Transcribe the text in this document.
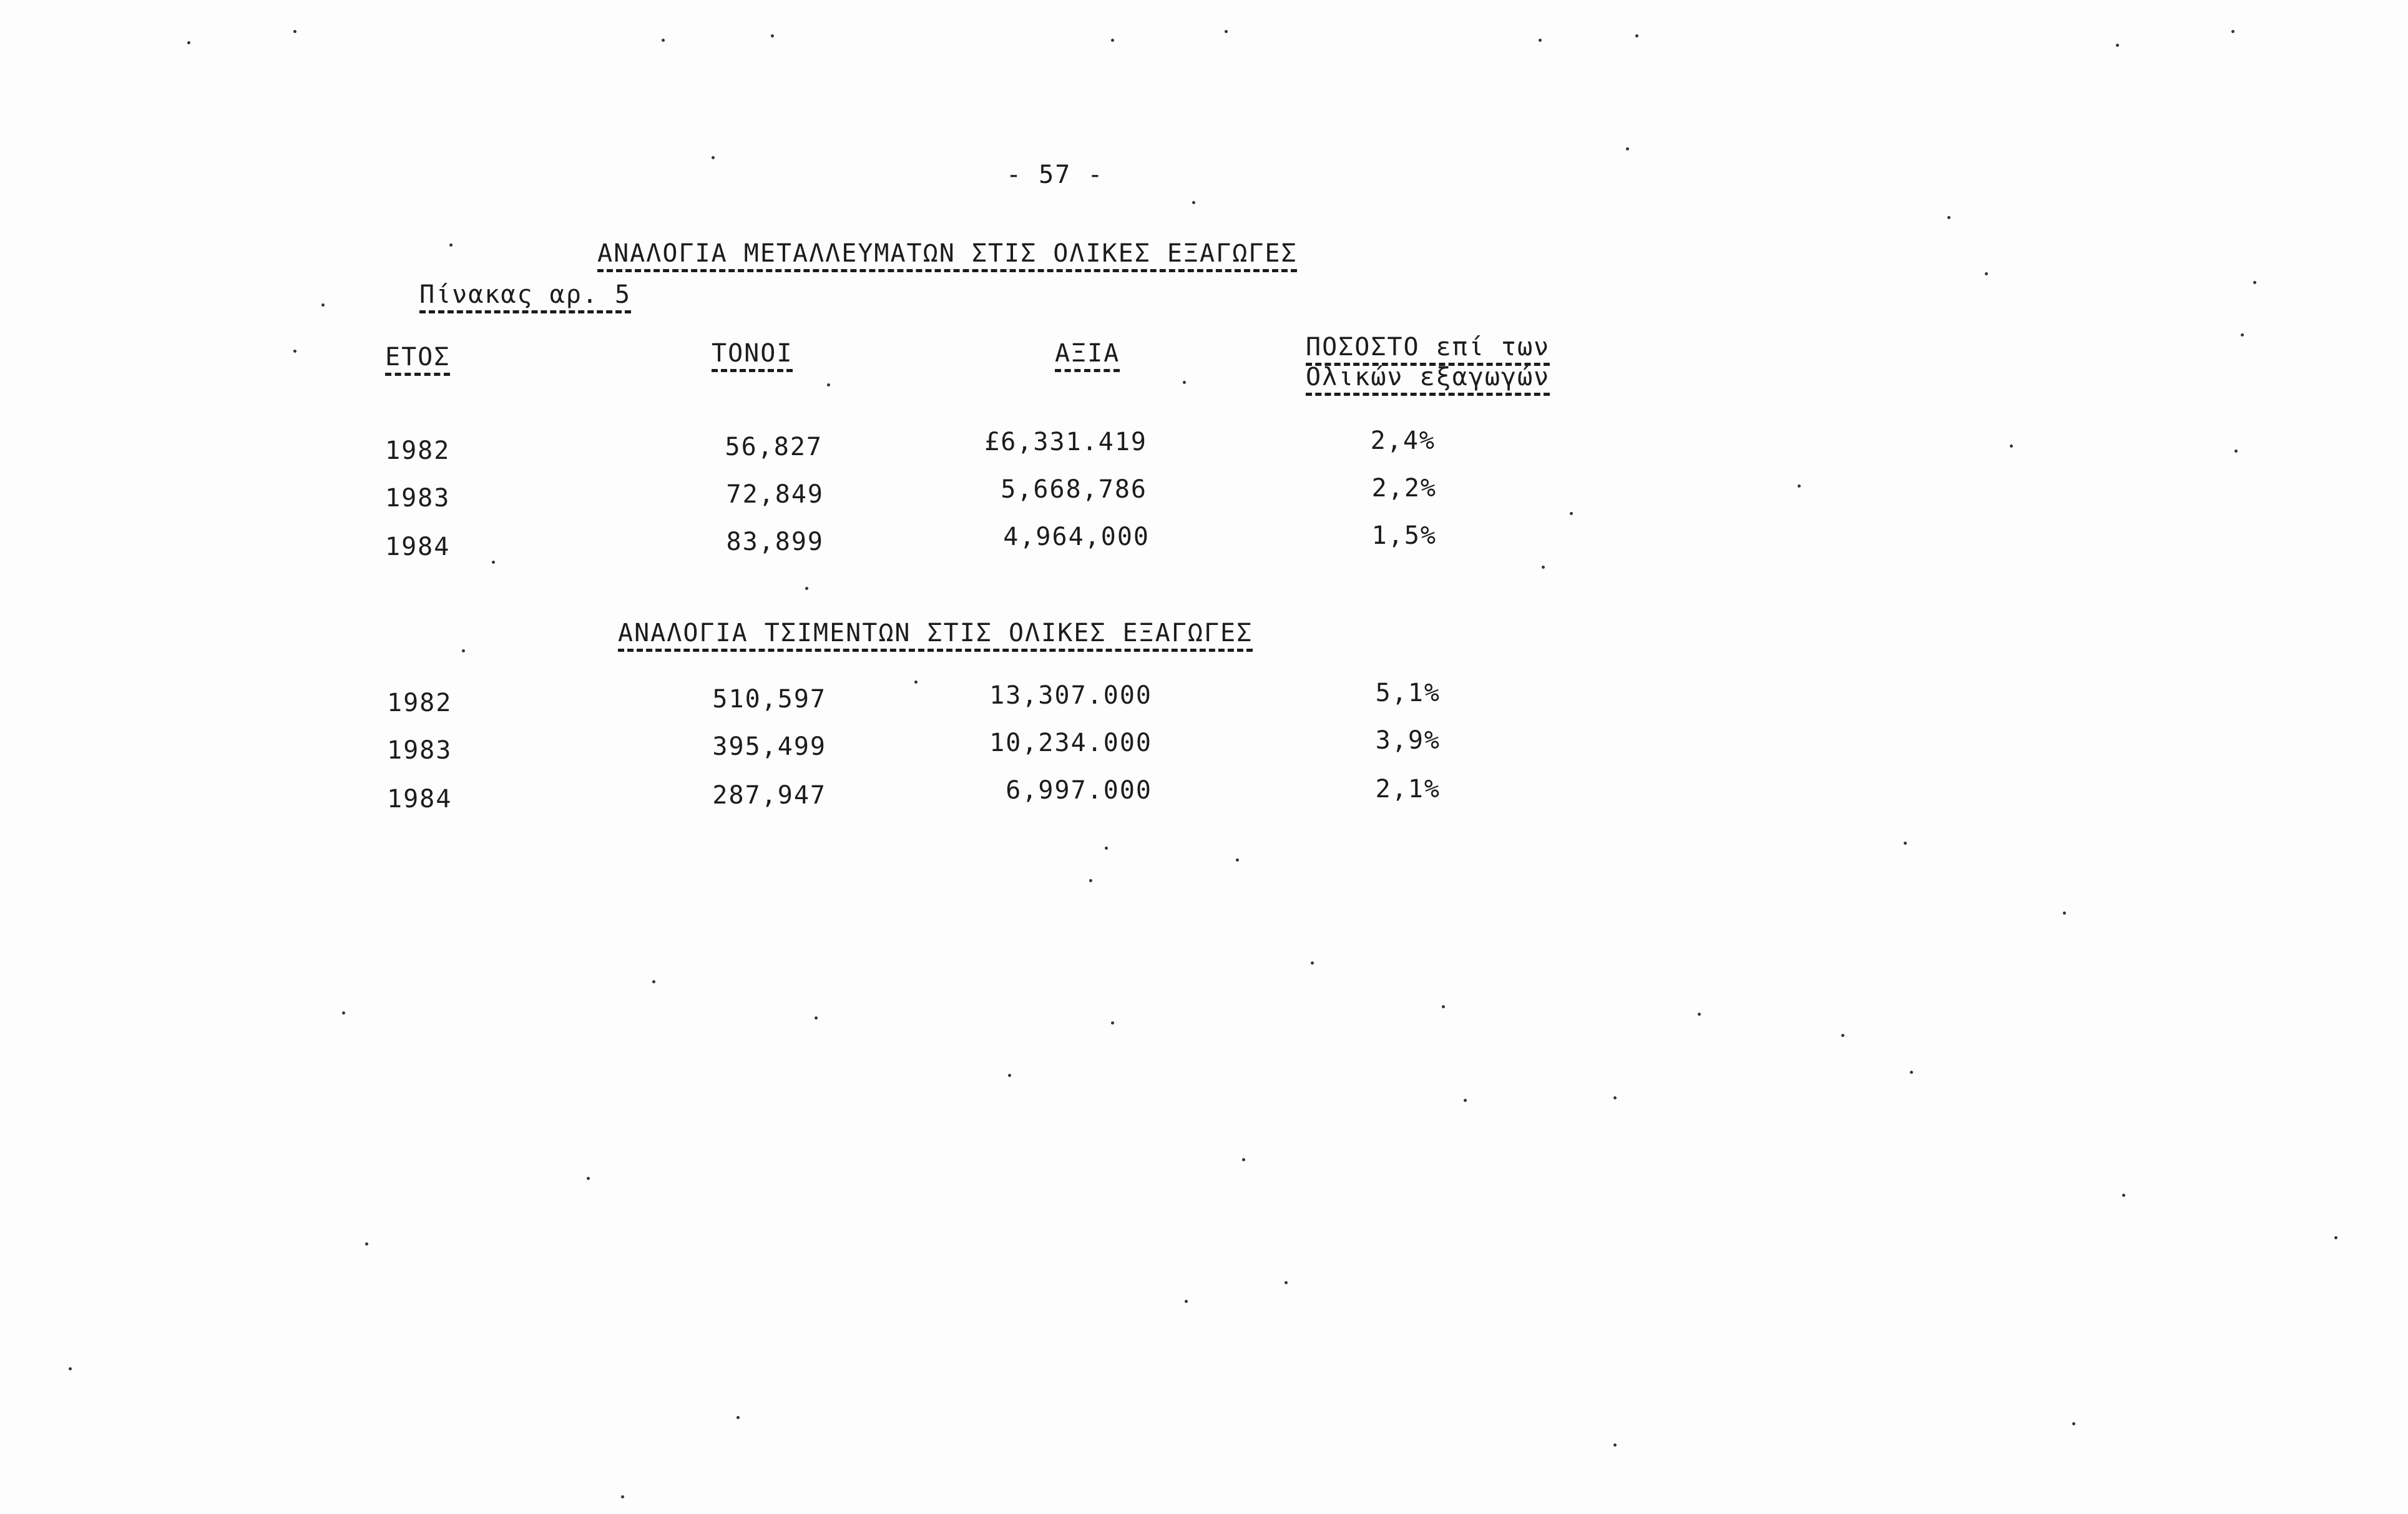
- 57 -
ΑΝΑΛΟΓΙΑ ΜΕΤΑΛΛΕΥΜΑΤΩΝ ΣΤΙΣ ΟΛΙΚΕΣ ΕΞΑΓΩΓΕΣ
Πίνακας αρ. 5
ΕΤΟΣ	ΤΟΝΟΙ	ΑΞΙΑ	ΠΟΣΟΣΤΟ επί των
Ολικών εξαγωγών
1982	56,827	£6,331.419	2,4%
1983	72,849	5,668,786	2,2%
1984	83,899	4,964,000	1,5%
ΑΝΑΛΟΓΙΑ ΤΣΙΜΕΝΤΩΝ ΣΤΙΣ ΟΛΙΚΕΣ ΕΞΑΓΩΓΕΣ
1982	510,597	13,307.000	5,1%
1983	395,499	10,234.000	3,9%
1984	287,947	6,997.000	2,1%
